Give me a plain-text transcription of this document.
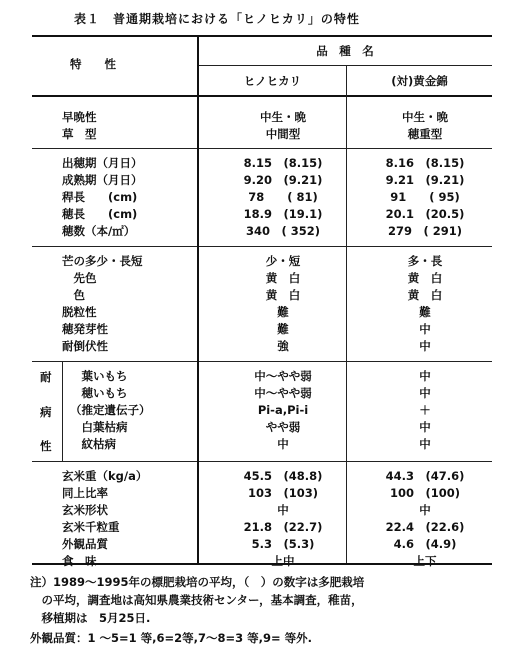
表１　普通期栽培における「ヒノヒカリ」の特性
特　　性
品　種　名
ヒノヒカリ	(対)黄金錦
早晩性	中生・晩	中生・晩
草　型	中間型	穂重型
出穂期（月日）	8.15　(8.15)	8.16　(8.15)
成熟期（月日）	9.20　(9.21)	9.21　(9.21)
稈長　　(cm)	78　　( 81)	91　　( 95)
穂長　　(cm)	18.9　(19.1)	20.1　(20.5)
穂数（本/㎡）	340　( 352)	279　( 291)
芒の多少・長短	少・短	多・長
　先色	黄　白	黄　白
　色	黄　白	黄　白
脱粒性	難	難
穂発芽性	難	中
耐倒伏性	強	中
　葉いもち	中～やや弱	中
　穂いもち	中～やや弱	中
（推定遺伝子）	Pi-a,Pi-i	＋
　白葉枯病	やや弱	中
　紋枯病	中	中
耐
病
性
玄米重（kg/a）	45.5　(48.8)	44.3　(47.6)
同上比率	103　(103)	100　(100)
玄米形状	中	中
玄米千粒重	21.8　(22.7)	22.4　(22.6)
外観品質	5.3　(5.3)	4.6　(4.9)
食　味	上中	上下
注）1989～1995年の標肥栽培の平均，（　）の数字は多肥栽培
　の平均，調査地は高知県農業技術センター，基本調査，稚苗，
　移植期は　5月25日.
外観品質：1 ～5=1 等,6=2等,7～8=3 等,9= 等外.
